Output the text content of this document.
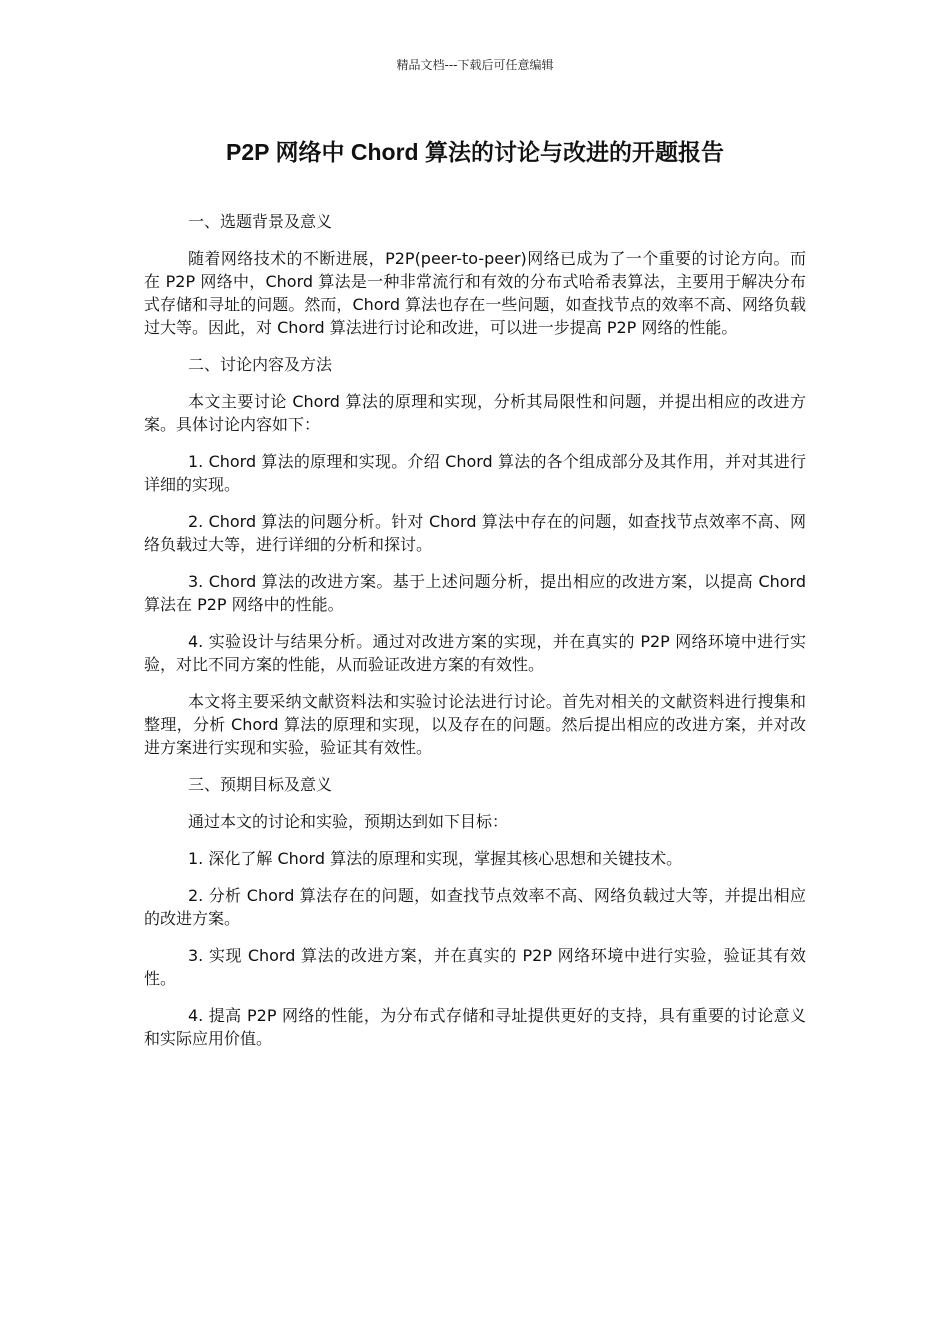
精品文档---下载后可任意编辑
P2P 网络中 Chord 算法的讨论与改进的开题报告

一、选题背景及意义

随着网络技术的不断进展，P2P(peer-to-peer)网络已成为了一个重要的讨论方向。而在 P2P 网络中，Chord 算法是一种非常流行和有效的分布式哈希表算法，主要用于解决分布式存储和寻址的问题。然而，Chord 算法也存在一些问题，如查找节点的效率不高、网络负载过大等。因此，对 Chord 算法进行讨论和改进，可以进一步提高 P2P 网络的性能。

二、讨论内容及方法

本文主要讨论 Chord 算法的原理和实现，分析其局限性和问题，并提出相应的改进方案。具体讨论内容如下：

1. Chord 算法的原理和实现。介绍 Chord 算法的各个组成部分及其作用，并对其进行详细的实现。

2. Chord 算法的问题分析。针对 Chord 算法中存在的问题，如查找节点效率不高、网络负载过大等，进行详细的分析和探讨。

3. Chord 算法的改进方案。基于上述问题分析，提出相应的改进方案，以提高 Chord 算法在 P2P 网络中的性能。

4. 实验设计与结果分析。通过对改进方案的实现，并在真实的 P2P 网络环境中进行实验，对比不同方案的性能，从而验证改进方案的有效性。

本文将主要采纳文献资料法和实验讨论法进行讨论。首先对相关的文献资料进行搜集和整理，分析 Chord 算法的原理和实现，以及存在的问题。然后提出相应的改进方案，并对改进方案进行实现和实验，验证其有效性。

三、预期目标及意义

通过本文的讨论和实验，预期达到如下目标：

1. 深化了解 Chord 算法的原理和实现，掌握其核心思想和关键技术。

2. 分析 Chord 算法存在的问题，如查找节点效率不高、网络负载过大等，并提出相应的改进方案。

3. 实现 Chord 算法的改进方案，并在真实的 P2P 网络环境中进行实验，验证其有效性。

4. 提高 P2P 网络的性能，为分布式存储和寻址提供更好的支持，具有重要的讨论意义和实际应用价值。
